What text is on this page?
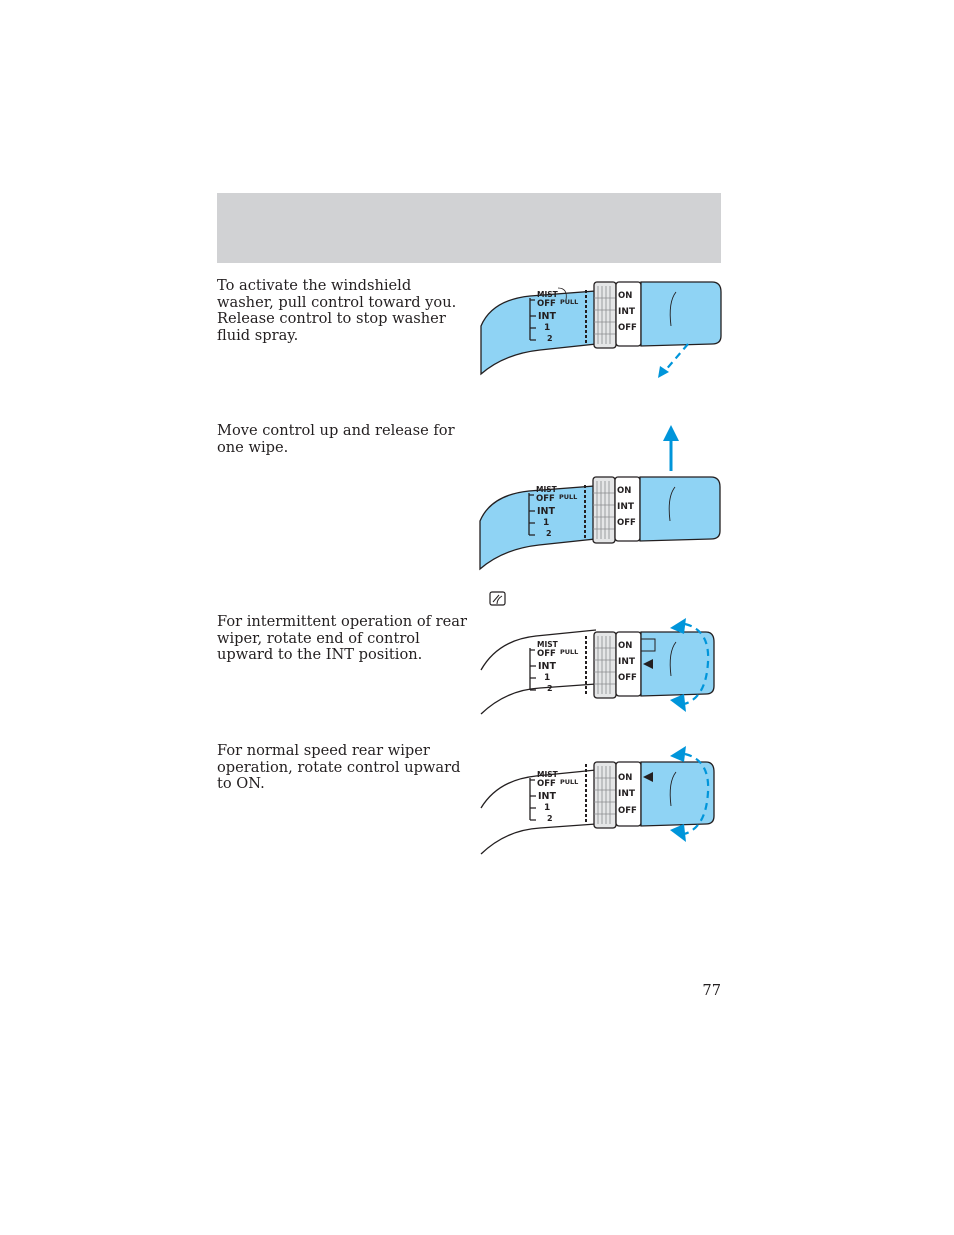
To activate the windshield washer, pull control toward you. Release control to stop washer fluid spray.

Move control up and release for one wipe.

For intermittent operation of rear wiper, rotate end of control upward to the INT position.

For normal speed rear wiper operation, rotate control upward to ON.

MIST
OFF PULL
INT
1
2
ON
INT
OFF
MIST
OFF PULL
INT
1
2
ON
INT
OFF
MIST
OFF PULL
INT
1
2
ON
INT
OFF
MIST
OFF PULL
INT
1
2
ON
INT
OFF
77
